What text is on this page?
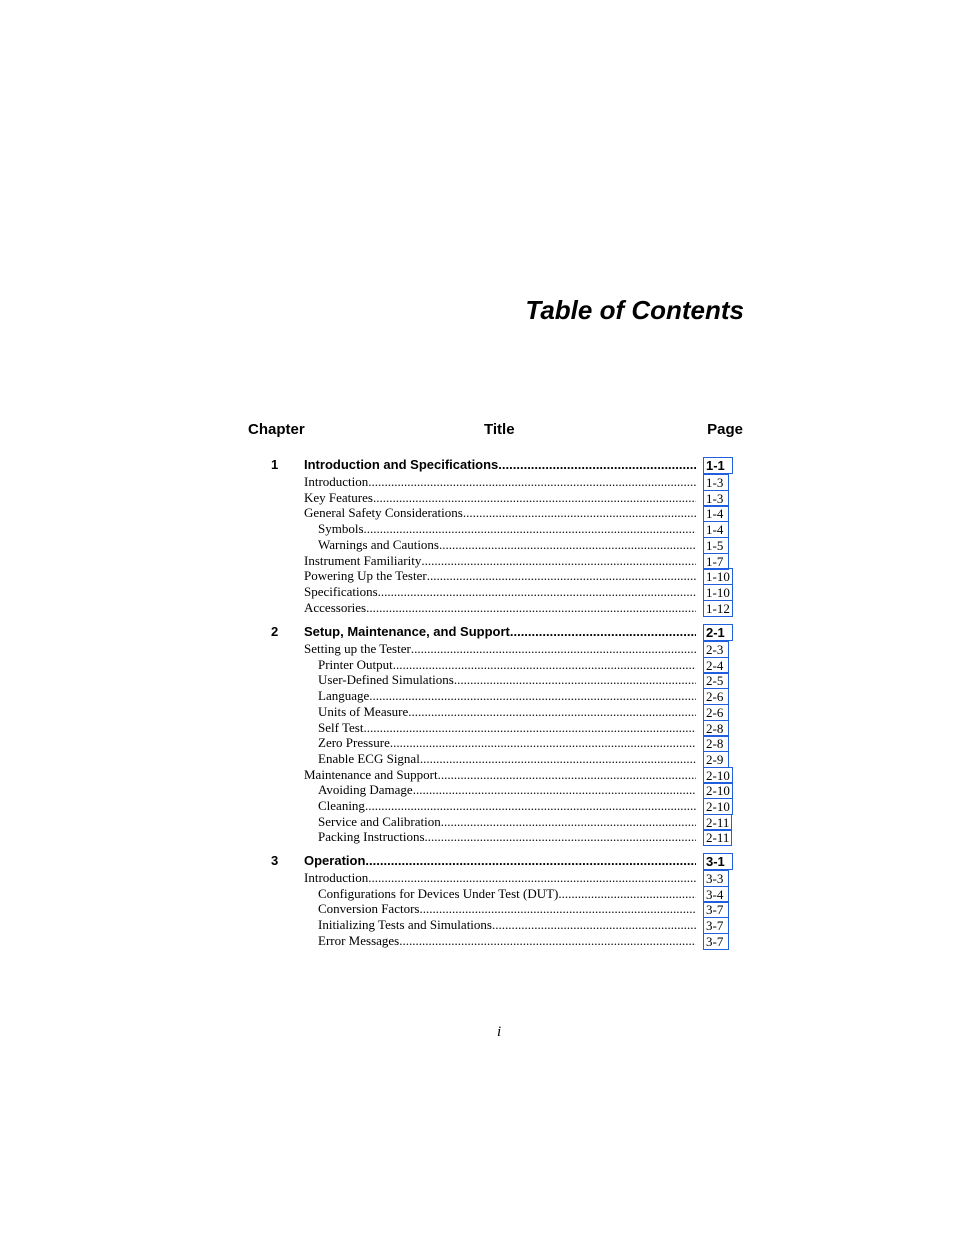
Table of Contents
Chapter	Title	Page
1 Introduction and Specifications .....	1-1
Introduction .....	1-3
Key Features .....	1-3
General Safety Considerations .....	1-4
Symbols .....	1-4
Warnings and Cautions .....	1-5
Instrument Familiarity .....	1-7
Powering Up the Tester .....	1-10
Specifications .....	1-10
Accessories .....	1-12
2 Setup, Maintenance, and Support .....	2-1
Setting up the Tester .....	2-3
Printer Output .....	2-4
User-Defined Simulations .....	2-5
Language .....	2-6
Units of Measure .....	2-6
Self Test .....	2-8
Zero Pressure .....	2-8
Enable ECG Signal .....	2-9
Maintenance and Support .....	2-10
Avoiding Damage .....	2-10
Cleaning .....	2-10
Service and Calibration .....	2-11
Packing Instructions .....	2-11
3 Operation .....	3-1
Introduction .....	3-3
Configurations for Devices Under Test (DUT) .....	3-4
Conversion Factors .....	3-7
Initializing Tests and Simulations .....	3-7
Error Messages .....	3-7
i
